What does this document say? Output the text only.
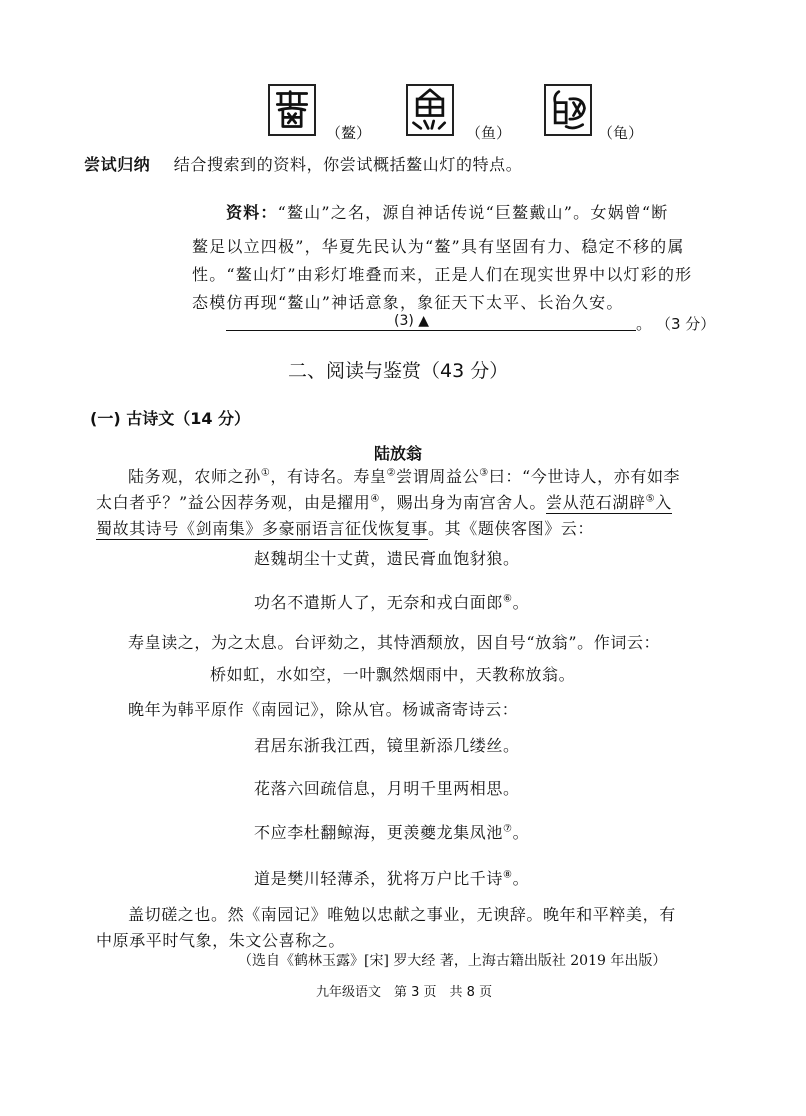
（鳌）	（鱼）	（龟）
尝试归纳 结合搜索到的资料，你尝试概括鳌山灯的特点。
资料：“鳌山”之名，源自神话传说“巨鳌戴山”。女娲曾“断
鳌足以立四极”，华夏先民认为“鳌”具有坚固有力、稳定不移的属
性。“鳌山灯”由彩灯堆叠而来，正是人们在现实世界中以灯彩的形
态模仿再现“鳌山”神话意象，象征天下太平、长治久安。
(3) ▲	。 （3 分）
二、阅读与鉴赏（43 分）
(一) 古诗文（14 分）
陆放翁
陆务观，农师之孙①，有诗名。寿皇②尝谓周益公③曰：“今世诗人，亦有如李
太白者乎？”益公因荐务观，由是擢用④，赐出身为南宫舍人。尝从范石湖辟⑤入
蜀故其诗号《剑南集》多豪丽语言征伐恢复事。其《题侠客图》云：
赵魏胡尘十丈黄，遗民膏血饱豺狼。
功名不遣斯人了，无奈和戎白面郎⑥。
寿皇读之，为之太息。台评劾之，其恃酒颓放，因自号“放翁”。作词云：
桥如虹，水如空，一叶飘然烟雨中，天教称放翁。
晚年为韩平原作《南园记》，除从官。杨诚斋寄诗云：
君居东浙我江西，镜里新添几缕丝。
花落六回疏信息，月明千里两相思。
不应李杜翻鲸海，更羡夔龙集凤池⑦。
道是樊川轻薄杀，犹将万户比千诗⑧。
盖切磋之也。然《南园记》唯勉以忠献之事业，无谀辞。晚年和平粹美，有
中原承平时气象，朱文公喜称之。
（选自《鹤林玉露》[宋] 罗大经 著，上海古籍出版社 2019 年出版）
九年级语文　第 3 页　共 8 页
